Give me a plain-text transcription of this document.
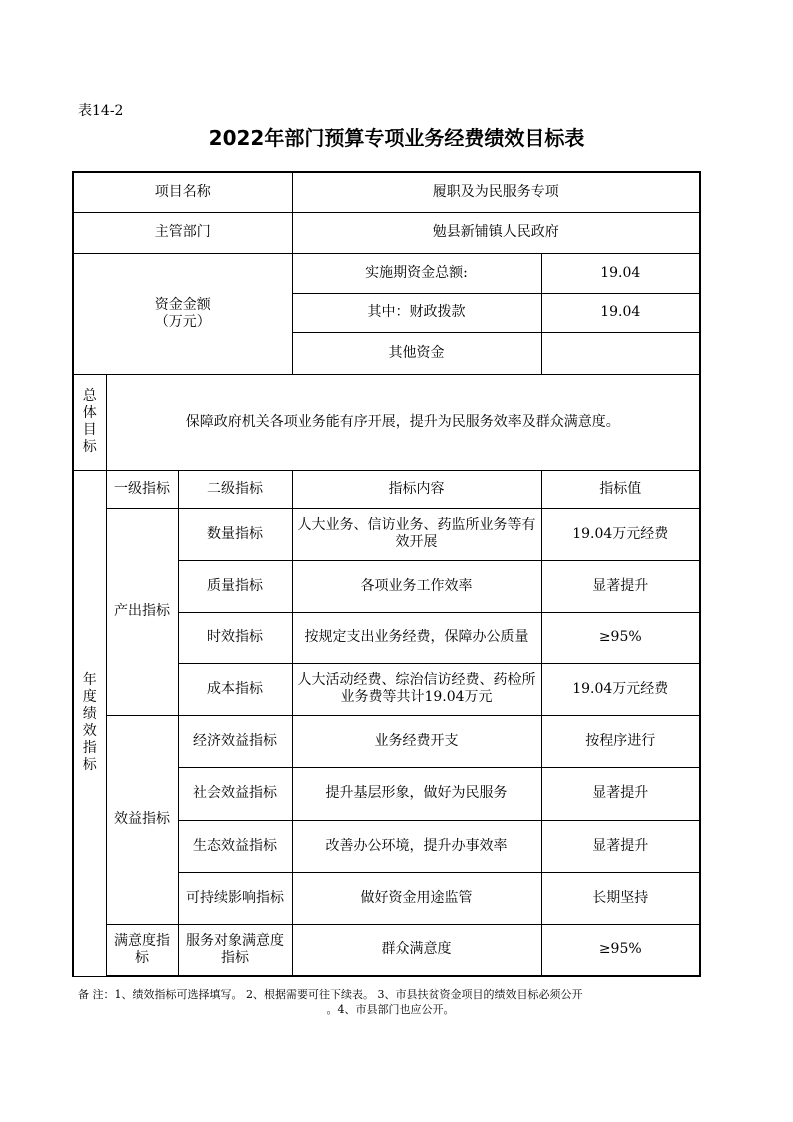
表14-2
2022年部门预算专项业务经费绩效目标表
项目名称			履职及为民服务专项	
主管部门			勉县新铺镇人民政府	

资金金额
（万元）			实施期资金总额:	19.04
			其中：财政拨款	19.04
			其他资金	
总体目标	保障政府机关各项业务能有序开展，提升为民服务效率及群众满意度。			
年度绩效指标	一级指标	二级指标	指标内容	指标值
	产出指标	数量指标	人大业务、信访业务、药监所业务等有效开展	19.04万元经费
		质量指标	各项业务工作效率	显著提升
		时效指标	按规定支出业务经费，保障办公质量	≥95%
		成本指标	人大活动经费、综治信访经费、药检所业务费等共计19.04万元	19.04万元经费
	效益指标	经济效益指标	业务经费开支	按程序进行
		社会效益指标	提升基层形象，做好为民服务	显著提升
		生态效益指标	改善办公环境，提升办事效率	显著提升
		可持续影响指标	做好资金用途监管	长期坚持
	满意度指标	服务对象满意度指标	群众满意度	≥95%
备 注：1、绩效指标可选择填写。 2、根据需要可往下续表。 3、市县扶贫资金项目的绩效目标必须公开
。4、市县部门也应公开。
